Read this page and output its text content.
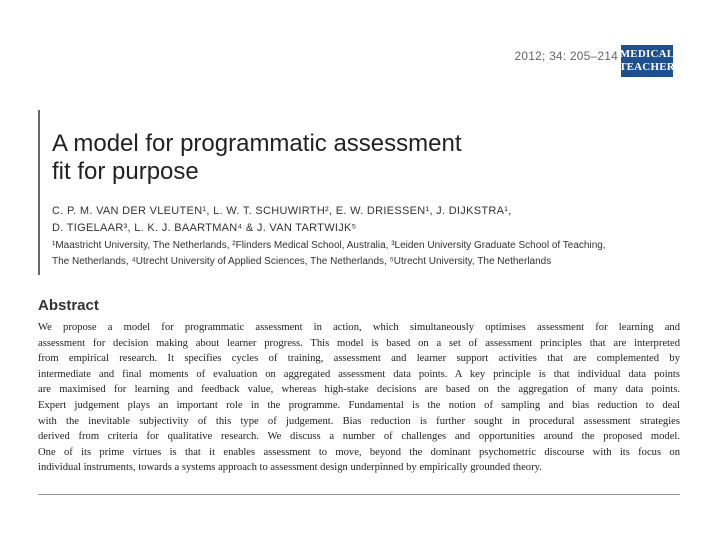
2012; 34: 205–214 MEDICAL
TEACHER
A model for programmatic assessment
fit for purpose
C. P. M. VAN DER VLEUTEN¹, L. W. T. SCHUWIRTH², E. W. DRIESSEN¹, J. DIJKSTRA¹,
D. TIGELAAR³, L. K. J. BAARTMAN⁴ & J. VAN TARTWIJK⁵
¹Maastricht University, The Netherlands, ²Flinders Medical School, Australia, ³Leiden University Graduate School of Teaching,
The Netherlands, ⁴Utrecht University of Applied Sciences, The Netherlands, ⁵Utrecht University, The Netherlands
Abstract
We propose a model for programmatic assessment in action, which simultaneously optimises assessment for learning and
assessment for decision making about learner progress. This model is based on a set of assessment principles that are interpreted
from empirical research. It specifies cycles of training, assessment and learner support activities that are complemented by
intermediate and final moments of evaluation on aggregated assessment data points. A key principle is that individual data points
are maximised for learning and feedback value, whereas high-stake decisions are based on the aggregation of many data points.
Expert judgement plays an important role in the programme. Fundamental is the notion of sampling and bias reduction to deal
with the inevitable subjectivity of this type of judgement. Bias reduction is further sought in procedural assessment strategies
derived from criteria for qualitative research. We discuss a number of challenges and opportunities around the proposed model.
One of its prime virtues is that it enables assessment to move, beyond the dominant psychometric discourse with its focus on
individual instruments, towards a systems approach to assessment design underpinned by empirically grounded theory.
